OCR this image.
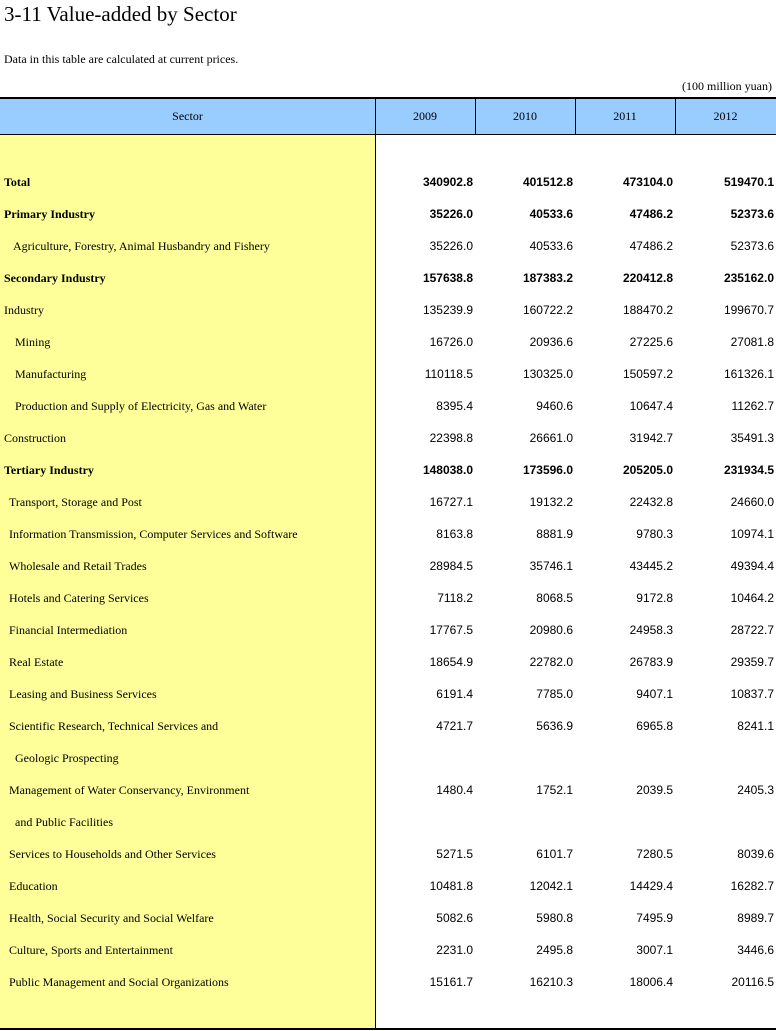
3-11 Value-added by Sector
Data in this table are calculated at current prices.
(100 million yuan)
Sector	2009	2010	2011	2012
Total	340902.8	401512.8	473104.0	519470.1
Primary Industry	35226.0	40533.6	47486.2	52373.6
Agriculture, Forestry, Animal Husbandry and Fishery	35226.0	40533.6	47486.2	52373.6
Secondary Industry	157638.8	187383.2	220412.8	235162.0
Industry	135239.9	160722.2	188470.2	199670.7
Mining	16726.0	20936.6	27225.6	27081.8
Manufacturing	110118.5	130325.0	150597.2	161326.1
Production and Supply of Electricity, Gas and Water	8395.4	9460.6	10647.4	11262.7
Construction	22398.8	26661.0	31942.7	35491.3
Tertiary Industry	148038.0	173596.0	205205.0	231934.5
Transport, Storage and Post	16727.1	19132.2	22432.8	24660.0
Information Transmission, Computer Services and Software	8163.8	8881.9	9780.3	10974.1
Wholesale and Retail Trades	28984.5	35746.1	43445.2	49394.4
Hotels and Catering Services	7118.2	8068.5	9172.8	10464.2
Financial Intermediation	17767.5	20980.6	24958.3	28722.7
Real Estate	18654.9	22782.0	26783.9	29359.7
Leasing and Business Services	6191.4	7785.0	9407.1	10837.7
Scientific Research, Technical Services and	4721.7	5636.9	6965.8	8241.1
Geologic Prospecting
Management of Water Conservancy, Environment	1480.4	1752.1	2039.5	2405.3
and Public Facilities
Services to Households and Other Services	5271.5	6101.7	7280.5	8039.6
Education	10481.8	12042.1	14429.4	16282.7
Health, Social Security and Social Welfare	5082.6	5980.8	7495.9	8989.7
Culture, Sports and Entertainment	2231.0	2495.8	3007.1	3446.6
Public Management and Social Organizations	15161.7	16210.3	18006.4	20116.5
